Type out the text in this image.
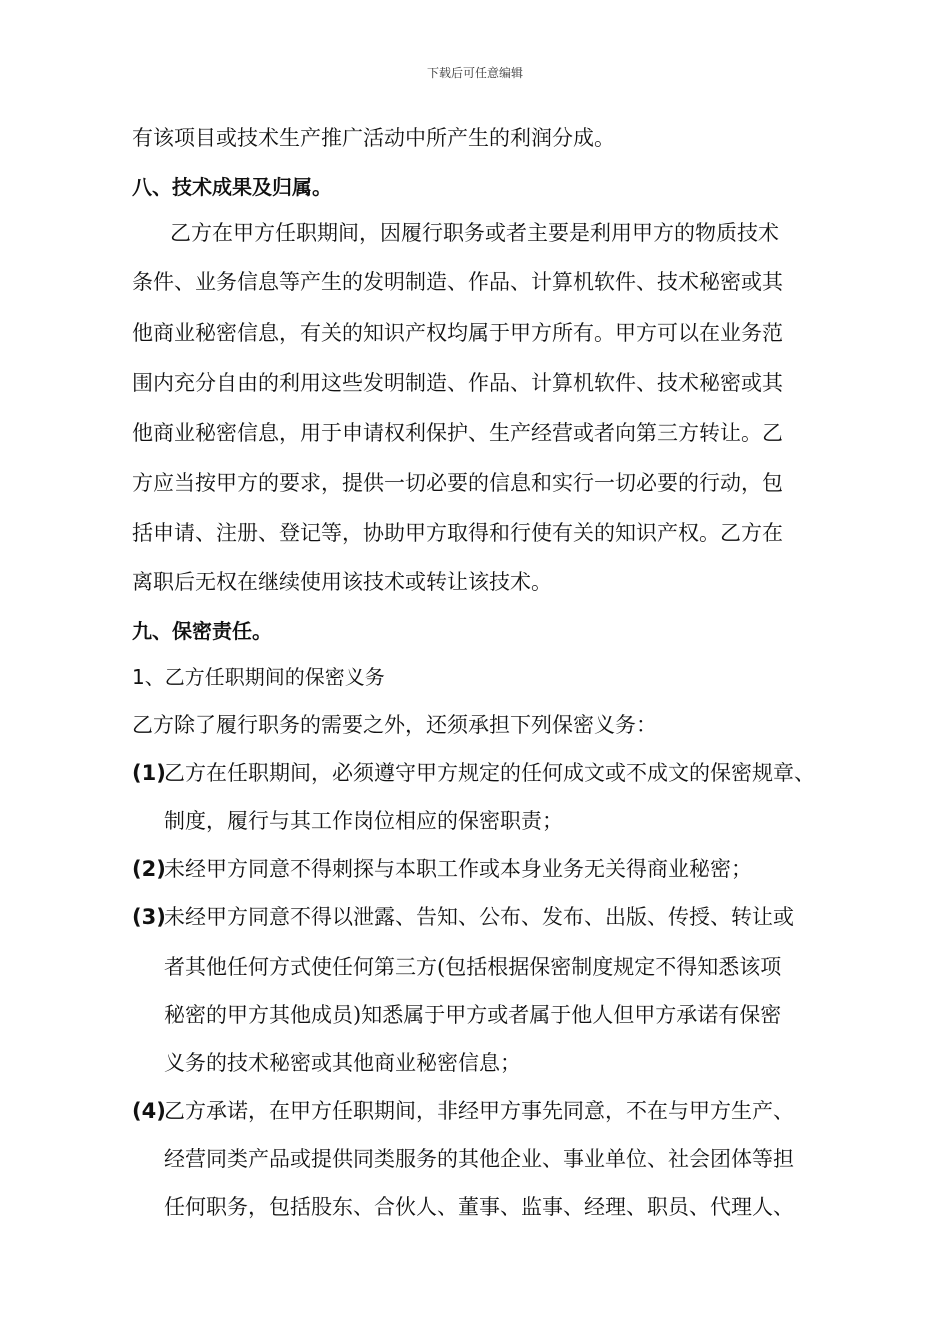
下载后可任意编辑
有该项目或技术生产推广活动中所产生的利润分成。
八、技术成果及归属。
乙方在甲方任职期间，因履行职务或者主要是利用甲方的物质技术
条件、业务信息等产生的发明制造、作品、计算机软件、技术秘密或其
他商业秘密信息，有关的知识产权均属于甲方所有。甲方可以在业务范
围内充分自由的利用这些发明制造、作品、计算机软件、技术秘密或其
他商业秘密信息，用于申请权利保护、生产经营或者向第三方转让。乙
方应当按甲方的要求，提供一切必要的信息和实行一切必要的行动，包
括申请、注册、登记等，协助甲方取得和行使有关的知识产权。乙方在
离职后无权在继续使用该技术或转让该技术。
九、保密责任。
1、乙方任职期间的保密义务
乙方除了履行职务的需要之外，还须承担下列保密义务：
(1)乙方在任职期间，必须遵守甲方规定的任何成文或不成文的保密规章、
制度，履行与其工作岗位相应的保密职责；
(2)未经甲方同意不得刺探与本职工作或本身业务无关得商业秘密；
(3)未经甲方同意不得以泄露、告知、公布、发布、出版、传授、转让或
者其他任何方式使任何第三方(包括根据保密制度规定不得知悉该项
秘密的甲方其他成员)知悉属于甲方或者属于他人但甲方承诺有保密
义务的技术秘密或其他商业秘密信息；
(4)乙方承诺，在甲方任职期间，非经甲方事先同意，不在与甲方生产、
经营同类产品或提供同类服务的其他企业、事业单位、社会团体等担
任何职务，包括股东、合伙人、董事、监事、经理、职员、代理人、
